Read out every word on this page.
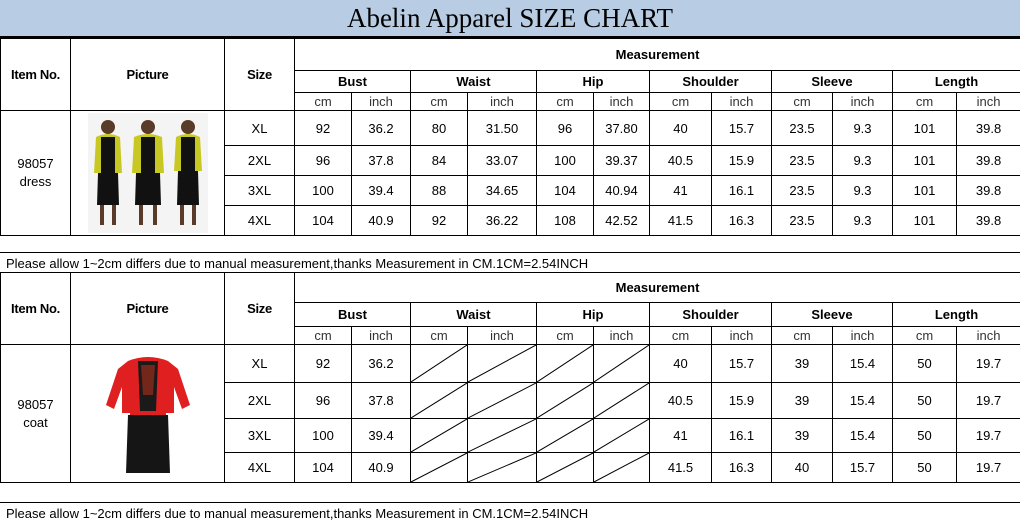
Abelin Apparel SIZE CHART
Item No.	Picture	Size	Measurement											
			Bust		Waist		Hip		Shoulder		Sleeve		Length	
			cm	inch	cm	inch	cm	inch	cm	inch	cm	inch	cm	inch

98057
dress		XL	92	36.2	80	31.50	96	37.80	40	15.7	23.5	9.3	101	39.8
		2XL	96	37.8	84	33.07	100	39.37	40.5	15.9	23.5	9.3	101	39.8
		3XL	100	39.4	88	34.65	104	40.94	41	16.1	23.5	9.3	101	39.8
		4XL	104	40.9	92	36.22	108	42.52	41.5	16.3	23.5	9.3	101	39.8
Please allow 1~2cm differs due to manual measurement,thanks Measurement in CM.1CM=2.54INCH
Item No.	Picture	Size	Measurement											
			Bust		Waist		Hip		Shoulder		Sleeve		Length	
			cm	inch	cm	inch	cm	inch	cm	inch	cm	inch	cm	inch

98057
coat		XL	92	36.2					40	15.7	39	15.4	50	19.7
		2XL	96	37.8					40.5	15.9	39	15.4	50	19.7
		3XL	100	39.4					41	16.1	39	15.4	50	19.7
		4XL	104	40.9					41.5	16.3	40	15.7	50	19.7
Please allow 1~2cm differs due to manual measurement,thanks Measurement in CM.1CM=2.54INCH
